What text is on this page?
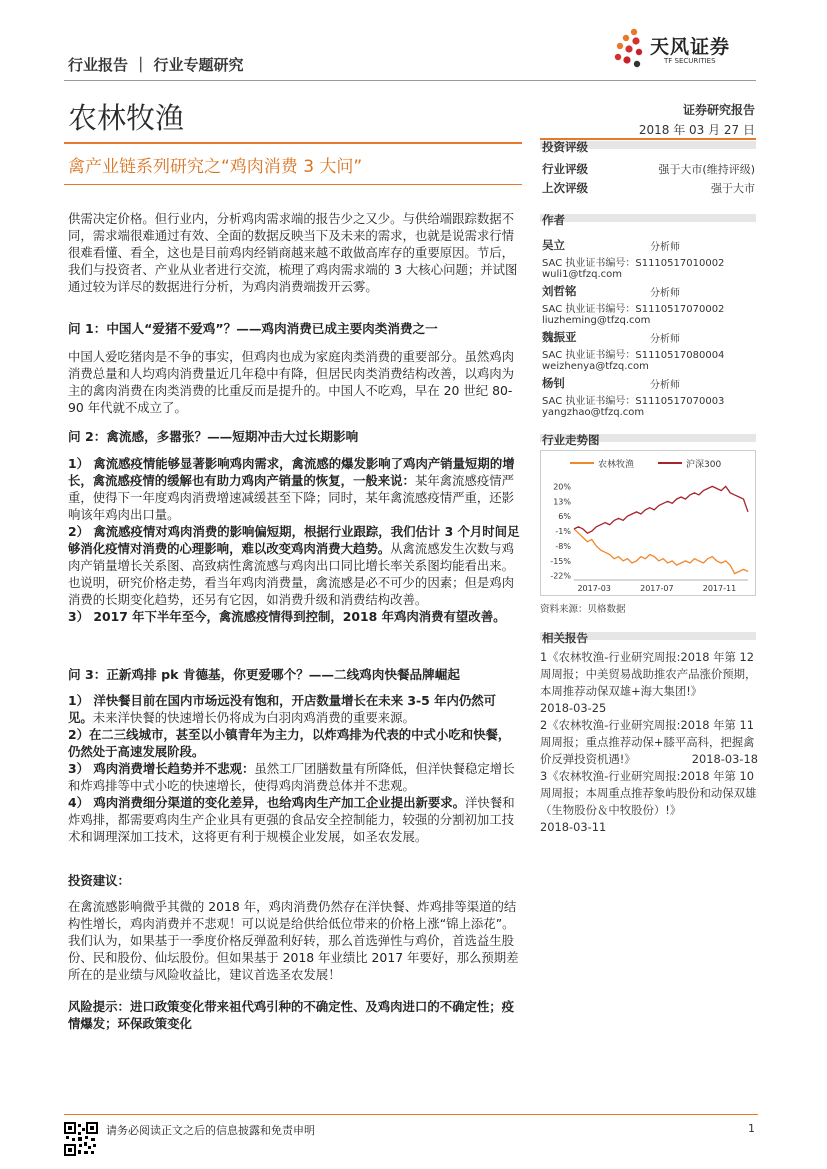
行业报告 ｜ 行业专题研究
天风证券
TF SECURITIES
农林牧渔	证券研究报告
2018 年 03 月 27 日
禽产业链系列研究之“鸡肉消费 3 大问”

供需决定价格。但行业内，分析鸡肉需求端的报告少之又少。与供给端跟踪数据不同，需求端很难通过有效、全面的数据反映当下及未来的需求，也就是说需求行情很难看懂、看全，这也是目前鸡肉经销商越来越不敢做高库存的重要原因。节后，我们与投资者、产业从业者进行交流，梳理了鸡肉需求端的 3 大核心问题；并试图通过较为详尽的数据进行分析，为鸡肉消费端拨开云雾。

问 1：中国人“爱猪不爱鸡”？——鸡肉消费已成主要肉类消费之一

中国人爱吃猪肉是不争的事实，但鸡肉也成为家庭肉类消费的重要部分。虽然鸡肉消费总量和人均鸡肉消费量近几年稳中有降，但居民肉类消费结构改善，以鸡肉为主的禽肉消费在肉类消费的比重反而是提升的。中国人不吃鸡，早在 20 世纪 80-90 年代就不成立了。

问 2：禽流感，多嚣张？——短期冲击大过长期影响

1） 禽流感疫情能够显著影响鸡肉需求，禽流感的爆发影响了鸡肉产销量短期的增长，禽流感疫情的缓解也有助力鸡肉产销量的恢复，一般来说：某年禽流感疫情严重，使得下一年度鸡肉消费增速减缓甚至下降；同时，某年禽流感疫情严重，还影响该年鸡肉出口量。

2） 禽流感疫情对鸡肉消费的影响偏短期，根据行业跟踪，我们估计 3 个月时间足够消化疫情对消费的心理影响，难以改变鸡肉消费大趋势。从禽流感发生次数与鸡肉产销量增长关系图、高致病性禽流感与鸡肉出口同比增长率关系图均能看出来。也说明，研究价格走势，看当年鸡肉消费量，禽流感是必不可少的因素；但是鸡肉消费的长期变化趋势，还另有它因，如消费升级和消费结构改善。

3） 2017 年下半年至今，禽流感疫情得到控制，2018 年鸡肉消费有望改善。

问 3：正新鸡排 pk 肯德基，你更爱哪个？——二线鸡肉快餐品牌崛起

1） 洋快餐目前在国内市场远没有饱和，开店数量增长在未来 3-5 年内仍然可见。未来洋快餐的快速增长仍将成为白羽肉鸡消费的重要来源。

2）在二三线城市，甚至以小镇青年为主力，以炸鸡排为代表的中式小吃和快餐，仍然处于高速发展阶段。

3） 鸡肉消费增长趋势并不悲观：虽然工厂团膳数量有所降低，但洋快餐稳定增长和炸鸡排等中式小吃的快速增长，使得鸡肉消费总体并不悲观。

4） 鸡肉消费细分渠道的变化差异，也给鸡肉生产加工企业提出新要求。洋快餐和炸鸡排，都需要鸡肉生产企业具有更强的食品安全控制能力，较强的分割初加工技术和调理深加工技术，这将更有利于规模企业发展，如圣农发展。

投资建议：

在禽流感影响微乎其微的 2018 年，鸡肉消费仍然存在洋快餐、炸鸡排等渠道的结构性增长，鸡肉消费并不悲观！可以说是给供给低位带来的价格上涨“锦上添花”。我们认为，如果基于一季度价格反弹盈利好转，那么首选弹性与鸡价，首选益生股份、民和股份、仙坛股份。但如果基于 2018 年业绩比 2017 年要好，那么预期差所在的是业绩与风险收益比，建议首选圣农发展！

风险提示：进口政策变化带来祖代鸡引种的不确定性、及鸡肉进口的不确定性；疫情爆发；环保政策变化
投资评级
行业评级	强于大市(维持评级)
上次评级	强于大市
作者
吴立	分析师
SAC 执业证书编号：S1110517010002
wuli1@tfzq.com
刘哲铭	分析师
SAC 执业证书编号：S1110517070002
liuzheming@tfzq.com
魏振亚	分析师
SAC 执业证书编号：S1110517080004
weizhenya@tfzq.com
杨钊	分析师
SAC 执业证书编号：S1110517070003
yangzhao@tfzq.com
行业走势图
农林牧渔	沪深300
20%
13%
6%
-1%
-8%
-15%
-22%
2017-03	2017-07	2017-11
资料来源：贝格数据
相关报告
1《农林牧渔-行业研究周报:2018 年第 12 周周报；中美贸易战助推农产品涨价预期，本周推荐动保双雄+海大集团!》
2018-03-25
2《农林牧渔-行业研究周报:2018 年第 11 周周报；重点推荐动保+膝平高科，把握禽价反弹投资机遇!》	2018-03-18
3《农林牧渔-行业研究周报:2018 年第 10 周周报；本周重点推荐象屿股份和动保双雄（生物股份＆中牧股份）!》
2018-03-11
请务必阅读正文之后的信息披露和免责申明	1
